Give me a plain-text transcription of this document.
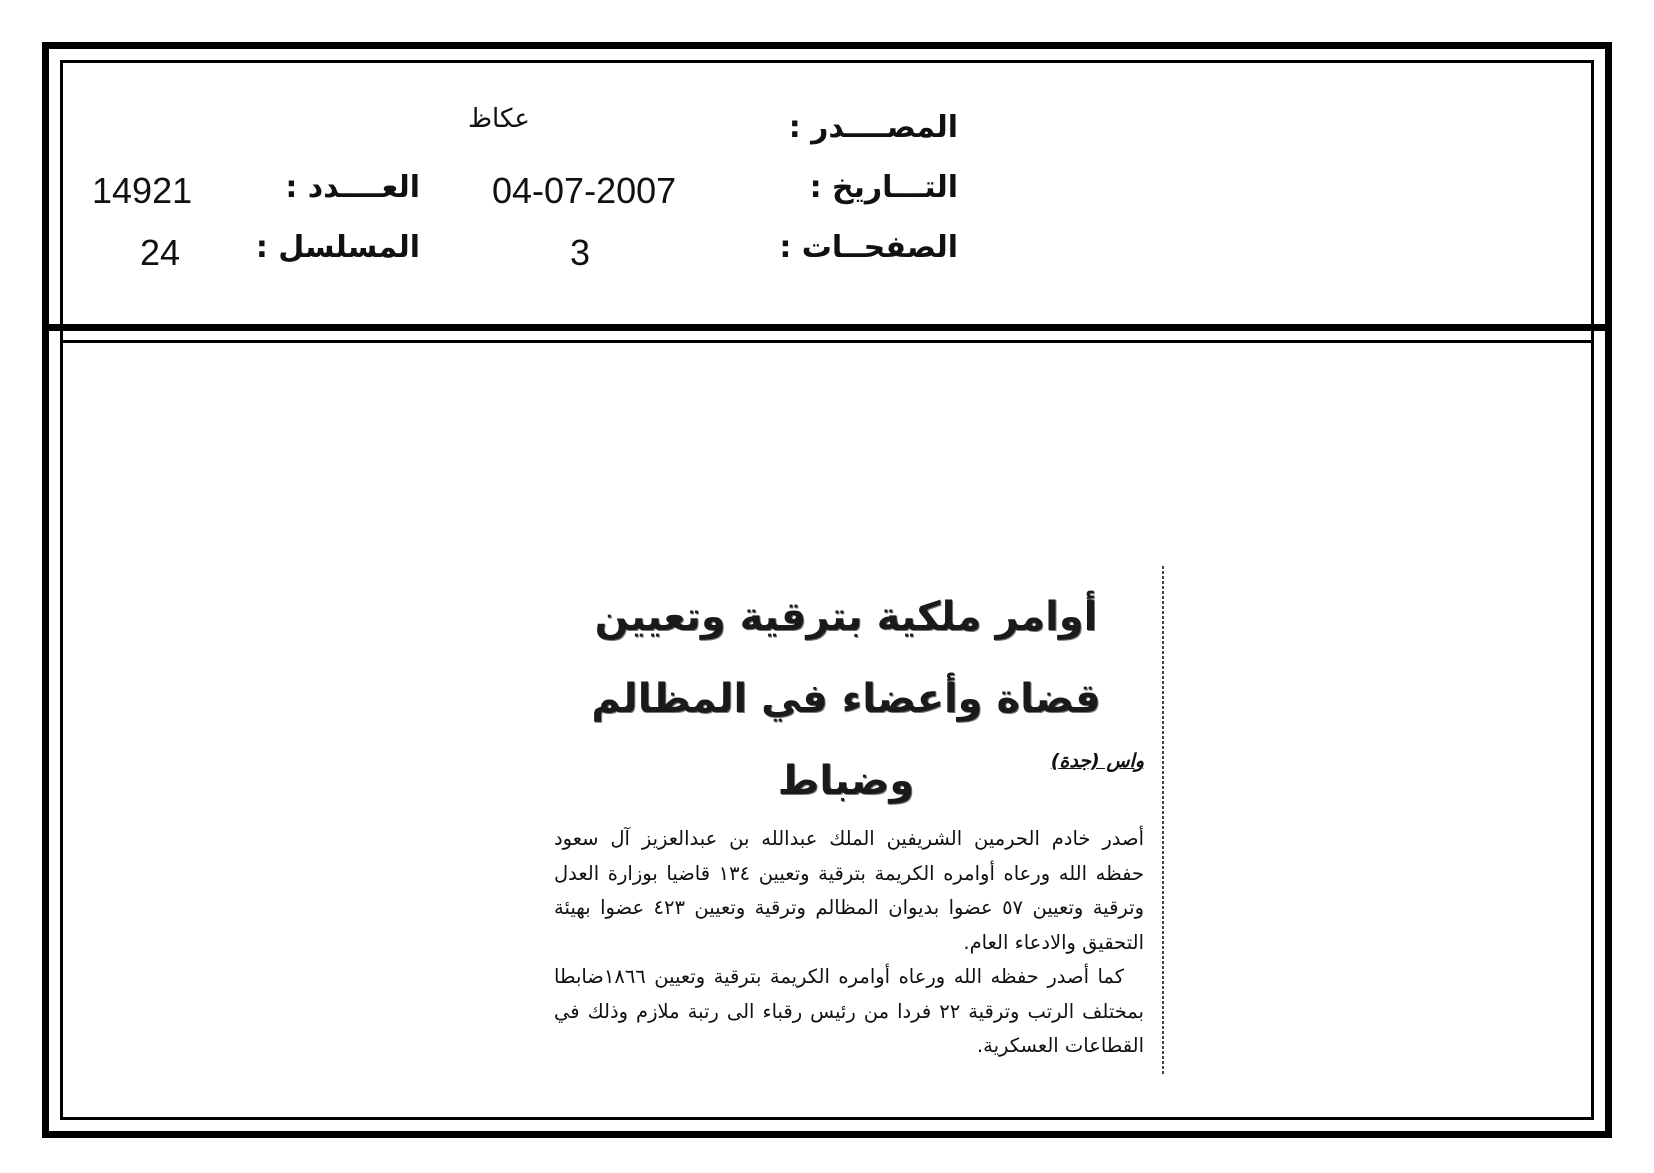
المصــــدر :
عكاظ
التـــاريخ :
04-07-2007
الصفحــات :
3
العــــدد :
14921
المسلسل :
24
أوامر ملكية بترقية وتعيين قضاة وأعضاء في المظالم وضباط	واس (جدة)

أصدر خادم الحرمين الشريفين الملك عبدالله بن عبدالعزيز آل سعود حفظه الله ورعاه أوامره الكريمة بترقية وتعيين ١٣٤ قاضيا بوزارة العدل وترقية وتعيين ٥٧ عضوا بديوان المظالم وترقية وتعيين ٤٢٣ عضوا بهيئة التحقيق والادعاء العام.

كما أصدر حفظه الله ورعاه أوامره الكريمة بترقية وتعيين ١٨٦٦ضابطا بمختلف الرتب وترقية ٢٢ فردا من رئيس رقباء الى رتبة ملازم وذلك في القطاعات العسكرية.
